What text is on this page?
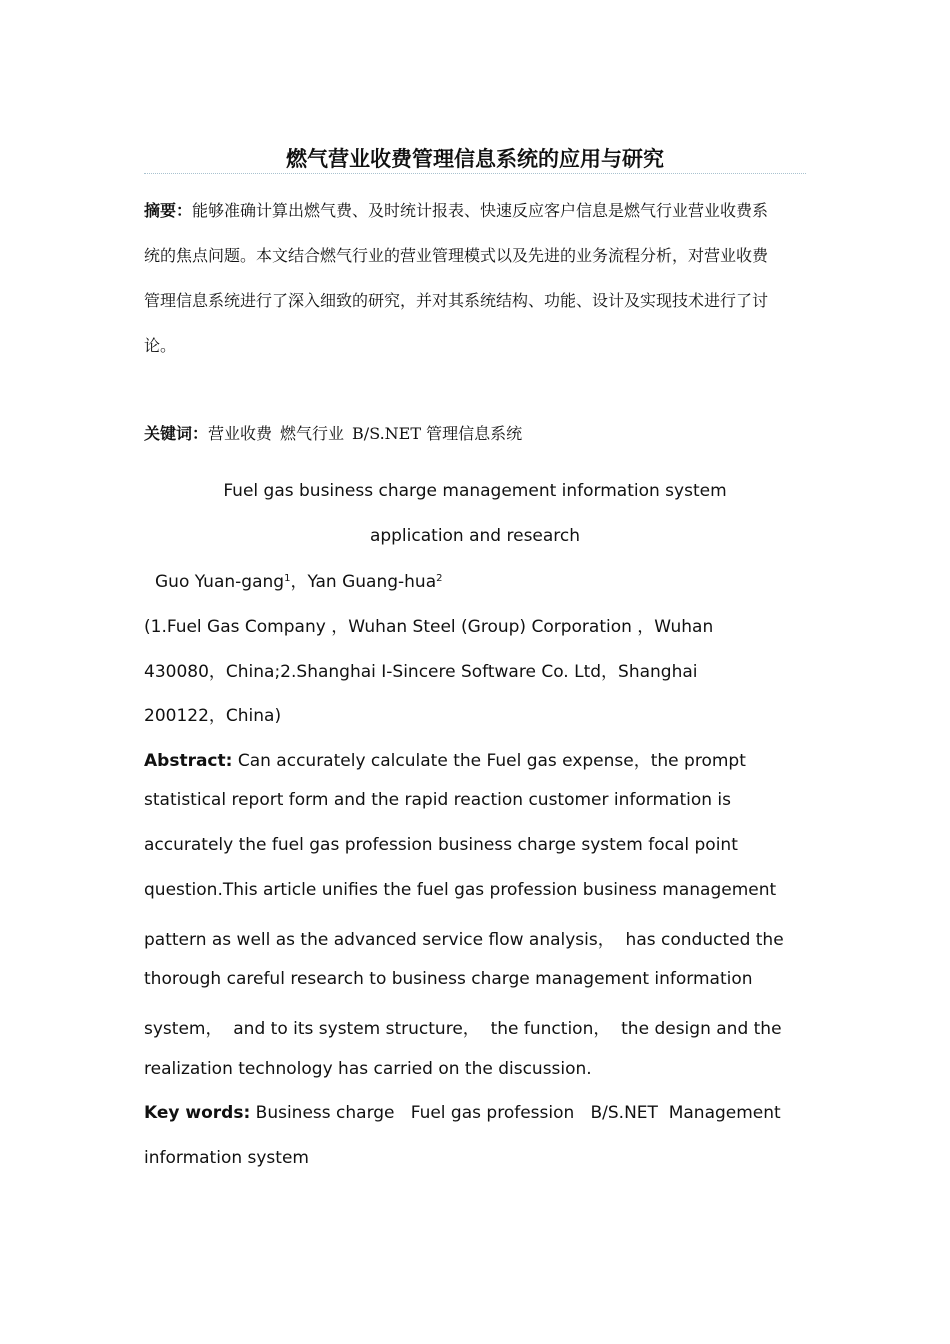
燃气营业收费管理信息系统的应用与研究

摘要：能够准确计算出燃气费、及时统计报表、快速反应客户信息是燃气行业营业收费系

统的焦点问题。本文结合燃气行业的营业管理模式以及先进的业务流程分析，对营业收费

管理信息系统进行了深入细致的研究，并对其系统结构、功能、设计及实现技术进行了讨

论。

关键词：营业收费 燃气行业 B/S.NET 管理信息系统

Fuel gas business charge management information system

application and research

Guo Yuan-gang$^1$，Yan Guang-hua$^2$

(1.Fuel Gas Company ，Wuhan Steel (Group) Corporation ，Wuhan

430080，China;2.Shanghai I-Sincere Software Co. Ltd，Shanghai

200122，China)

Abstract: Can accurately calculate the Fuel gas expense，the prompt

statistical report form and the rapid reaction customer information is

accurately the fuel gas profession business charge system focal point

question.This article unifies the fuel gas profession business management

pattern as well as the advanced service flow analysis，  has conducted the

thorough careful research to business charge management information

system，  and to its system structure，  the function，  the design and the

realization technology has carried on the discussion.

Key words: Business charge   Fuel gas profession   B/S.NET  Management

information system
